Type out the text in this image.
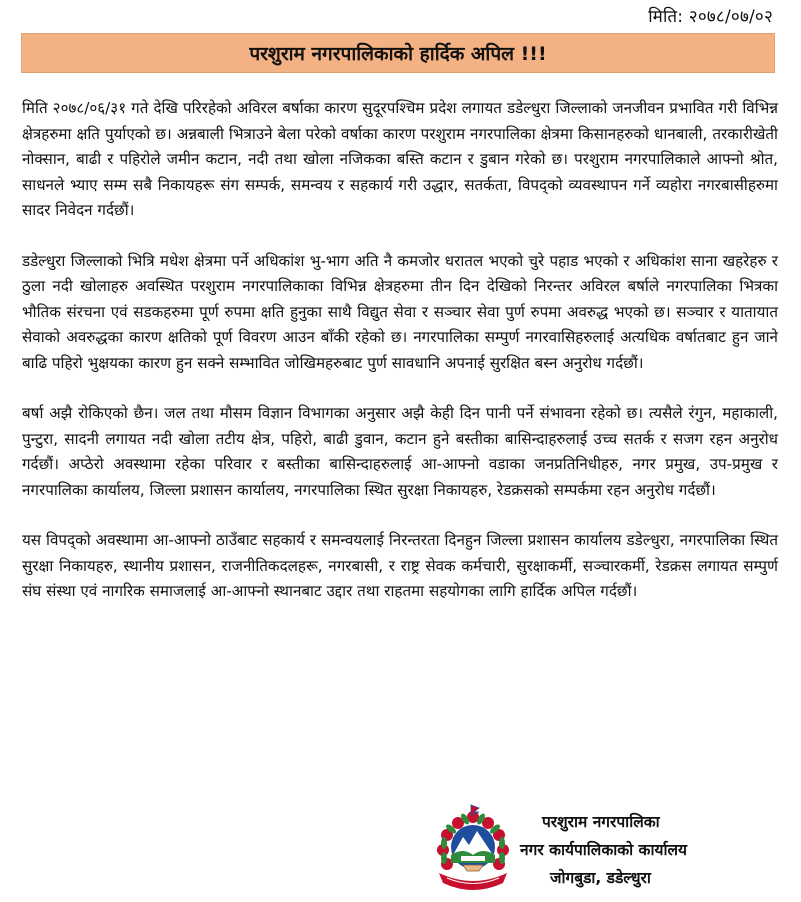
मिति: २०७८/०७/०२
परशुराम नगरपालिकाको हार्दिक अपिल !!!

मिति २०७८/०६/३१ गते देखि परिरहेको अविरल बर्षाका कारण सुदूरपश्चिम प्रदेश लगायत डडेल्धुरा जिल्लाको जनजीवन प्रभावित गरी विभिन्न क्षेत्रहरुमा क्षति पुर्याएको छ। अन्नबाली भित्राउने बेला परेको वर्षाका कारण परशुराम नगरपालिका क्षेत्रमा किसानहरुको धानबाली, तरकारीखेती नोक्सान, बाढी र पहिरोले जमीन कटान, नदी तथा खोला नजिकका बस्ति कटान र डुबान गरेको छ। परशुराम नगरपालिकाले आफ्नो श्रोत, साधनले भ्याए सम्म सबै निकायहरू संग सम्पर्क, समन्वय र सहकार्य गरी उद्धार, सतर्कता, विपद्को व्यवस्थापन गर्ने व्यहोरा नगरबासीहरुमा सादर निवेदन गर्दछौं।

डडेल्धुरा जिल्लाको भित्रि मधेश क्षेत्रमा पर्ने अधिकांश भु-भाग अति नै कमजोर धरातल भएको चुरे पहाड भएको र अधिकांश साना खहरेहरु र ठुला नदी खोलाहरु अवस्थित परशुराम नगरपालिकाका विभिन्न क्षेत्रहरुमा तीन दिन देखिको निरन्तर अविरल बर्षाले नगरपालिका भित्रका भौतिक संरचना एवं सडकहरुमा पूर्ण रुपमा क्षति हुनुका साथै विद्युत सेवा र सञ्चार सेवा पुर्ण रुपमा अवरुद्ध भएको छ। सञ्चार र यातायात सेवाको अवरुद्धका कारण क्षतिको पूर्ण विवरण आउन बाँकी रहेको छ। नगरपालिका सम्पुर्ण नगरवासिहरुलाई अत्यधिक वर्षातबाट हुन जाने बाढि पहिरो भुक्षयका कारण हुन सक्ने सम्भावित जोखिमहरुबाट पुर्ण सावधानि अपनाई सुरक्षित बस्न अनुरोध गर्दछौं।

बर्षा अझै रोकिएको छैन। जल तथा मौसम विज्ञान विभागका अनुसार अझै केही दिन पानी पर्ने संभावना रहेको छ। त्यसैले रंगुन, महाकाली, पुन्टुरा, सादनी लगायत नदी खोला तटीय क्षेत्र, पहिरो, बाढी डुवान, कटान हुने बस्तीका बासिन्दाहरुलाई उच्च सतर्क र सजग रहन अनुरोध गर्दछौं। अप्ठेरो अवस्थामा रहेका परिवार र बस्तीका बासिन्दाहरुलाई आ-आफ्नो वडाका जनप्रतिनिधीहरु, नगर प्रमुख, उप-प्रमुख र नगरपालिका कार्यालय, जिल्ला प्रशासन कार्यालय, नगरपालिका स्थित सुरक्षा निकायहरु, रेडक्रसको सम्पर्कमा रहन अनुरोध गर्दछौं।

यस विपद्को अवस्थामा आ-आफ्नो ठाउँबाट सहकार्य र समन्वयलाई निरन्तरता दिनहुन जिल्ला प्रशासन कार्यालय डडेल्धुरा, नगरपालिका स्थित सुरक्षा निकायहरु, स्थानीय प्रशासन, राजनीतिकदलहरू, नगरबासी, र राष्ट्र सेवक कर्मचारी, सुरक्षाकर्मी, सञ्चारकर्मी, रेडक्रस लगायत सम्पुर्ण संघ संस्था एवं नागरिक समाजलाई आ-आफ्नो स्थानबाट उद्दार तथा राहतमा सहयोगका लागि हार्दिक अपिल गर्दछौं।

परशुराम नगरपालिका
नगर कार्यपालिकाको कार्यालय
जोगबुडा, डडेल्धुरा
